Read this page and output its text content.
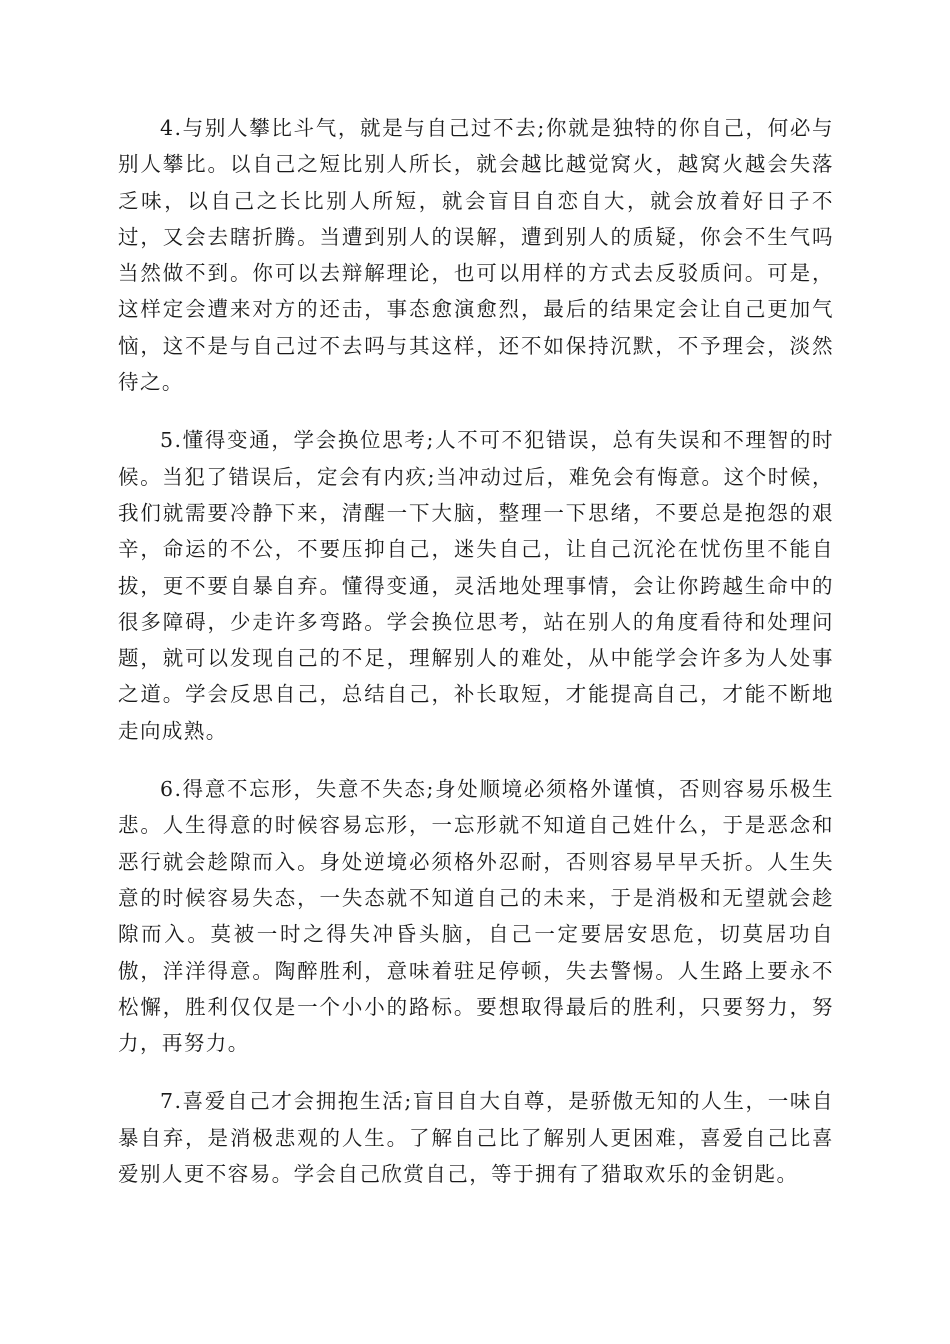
4.与别人攀比斗气，就是与自己过不去;你就是独特的你自己，何必与别人攀比。以自己之短比别人所长，就会越比越觉窝火，越窝火越会失落乏味，以自己之长比别人所短，就会盲目自恋自大，就会放着好日子不过，又会去瞎折腾。当遭到别人的误解，遭到别人的质疑，你会不生气吗当然做不到。你可以去辩解理论，也可以用样的方式去反驳质问。可是，这样定会遭来对方的还击，事态愈演愈烈，最后的结果定会让自己更加气恼，这不是与自己过不去吗与其这样，还不如保持沉默，不予理会，淡然待之。

5.懂得变通，学会换位思考;人不可不犯错误，总有失误和不理智的时候。当犯了错误后，定会有内疚;当冲动过后，难免会有悔意。这个时候，我们就需要冷静下来，清醒一下大脑，整理一下思绪，不要总是抱怨的艰辛，命运的不公，不要压抑自己，迷失自己，让自己沉沦在忧伤里不能自拔，更不要自暴自弃。懂得变通，灵活地处理事情，会让你跨越生命中的很多障碍，少走许多弯路。学会换位思考，站在别人的角度看待和处理问题，就可以发现自己的不足，理解别人的难处，从中能学会许多为人处事之道。学会反思自己，总结自己，补长取短，才能提高自己，才能不断地走向成熟。

6.得意不忘形，失意不失态;身处顺境必须格外谨慎，否则容易乐极生悲。人生得意的时候容易忘形，一忘形就不知道自己姓什么，于是恶念和恶行就会趁隙而入。身处逆境必须格外忍耐，否则容易早早夭折。人生失意的时候容易失态，一失态就不知道自己的未来，于是消极和无望就会趁隙而入。莫被一时之得失冲昏头脑，自己一定要居安思危，切莫居功自傲，洋洋得意。陶醉胜利，意味着驻足停顿，失去警惕。人生路上要永不松懈，胜利仅仅是一个小小的路标。要想取得最后的胜利，只要努力，努力，再努力。

7.喜爱自己才会拥抱生活;盲目自大自尊，是骄傲无知的人生，一味自暴自弃，是消极悲观的人生。了解自己比了解别人更困难，喜爱自己比喜爱别人更不容易。学会自己欣赏自己，等于拥有了猎取欢乐的金钥匙。
